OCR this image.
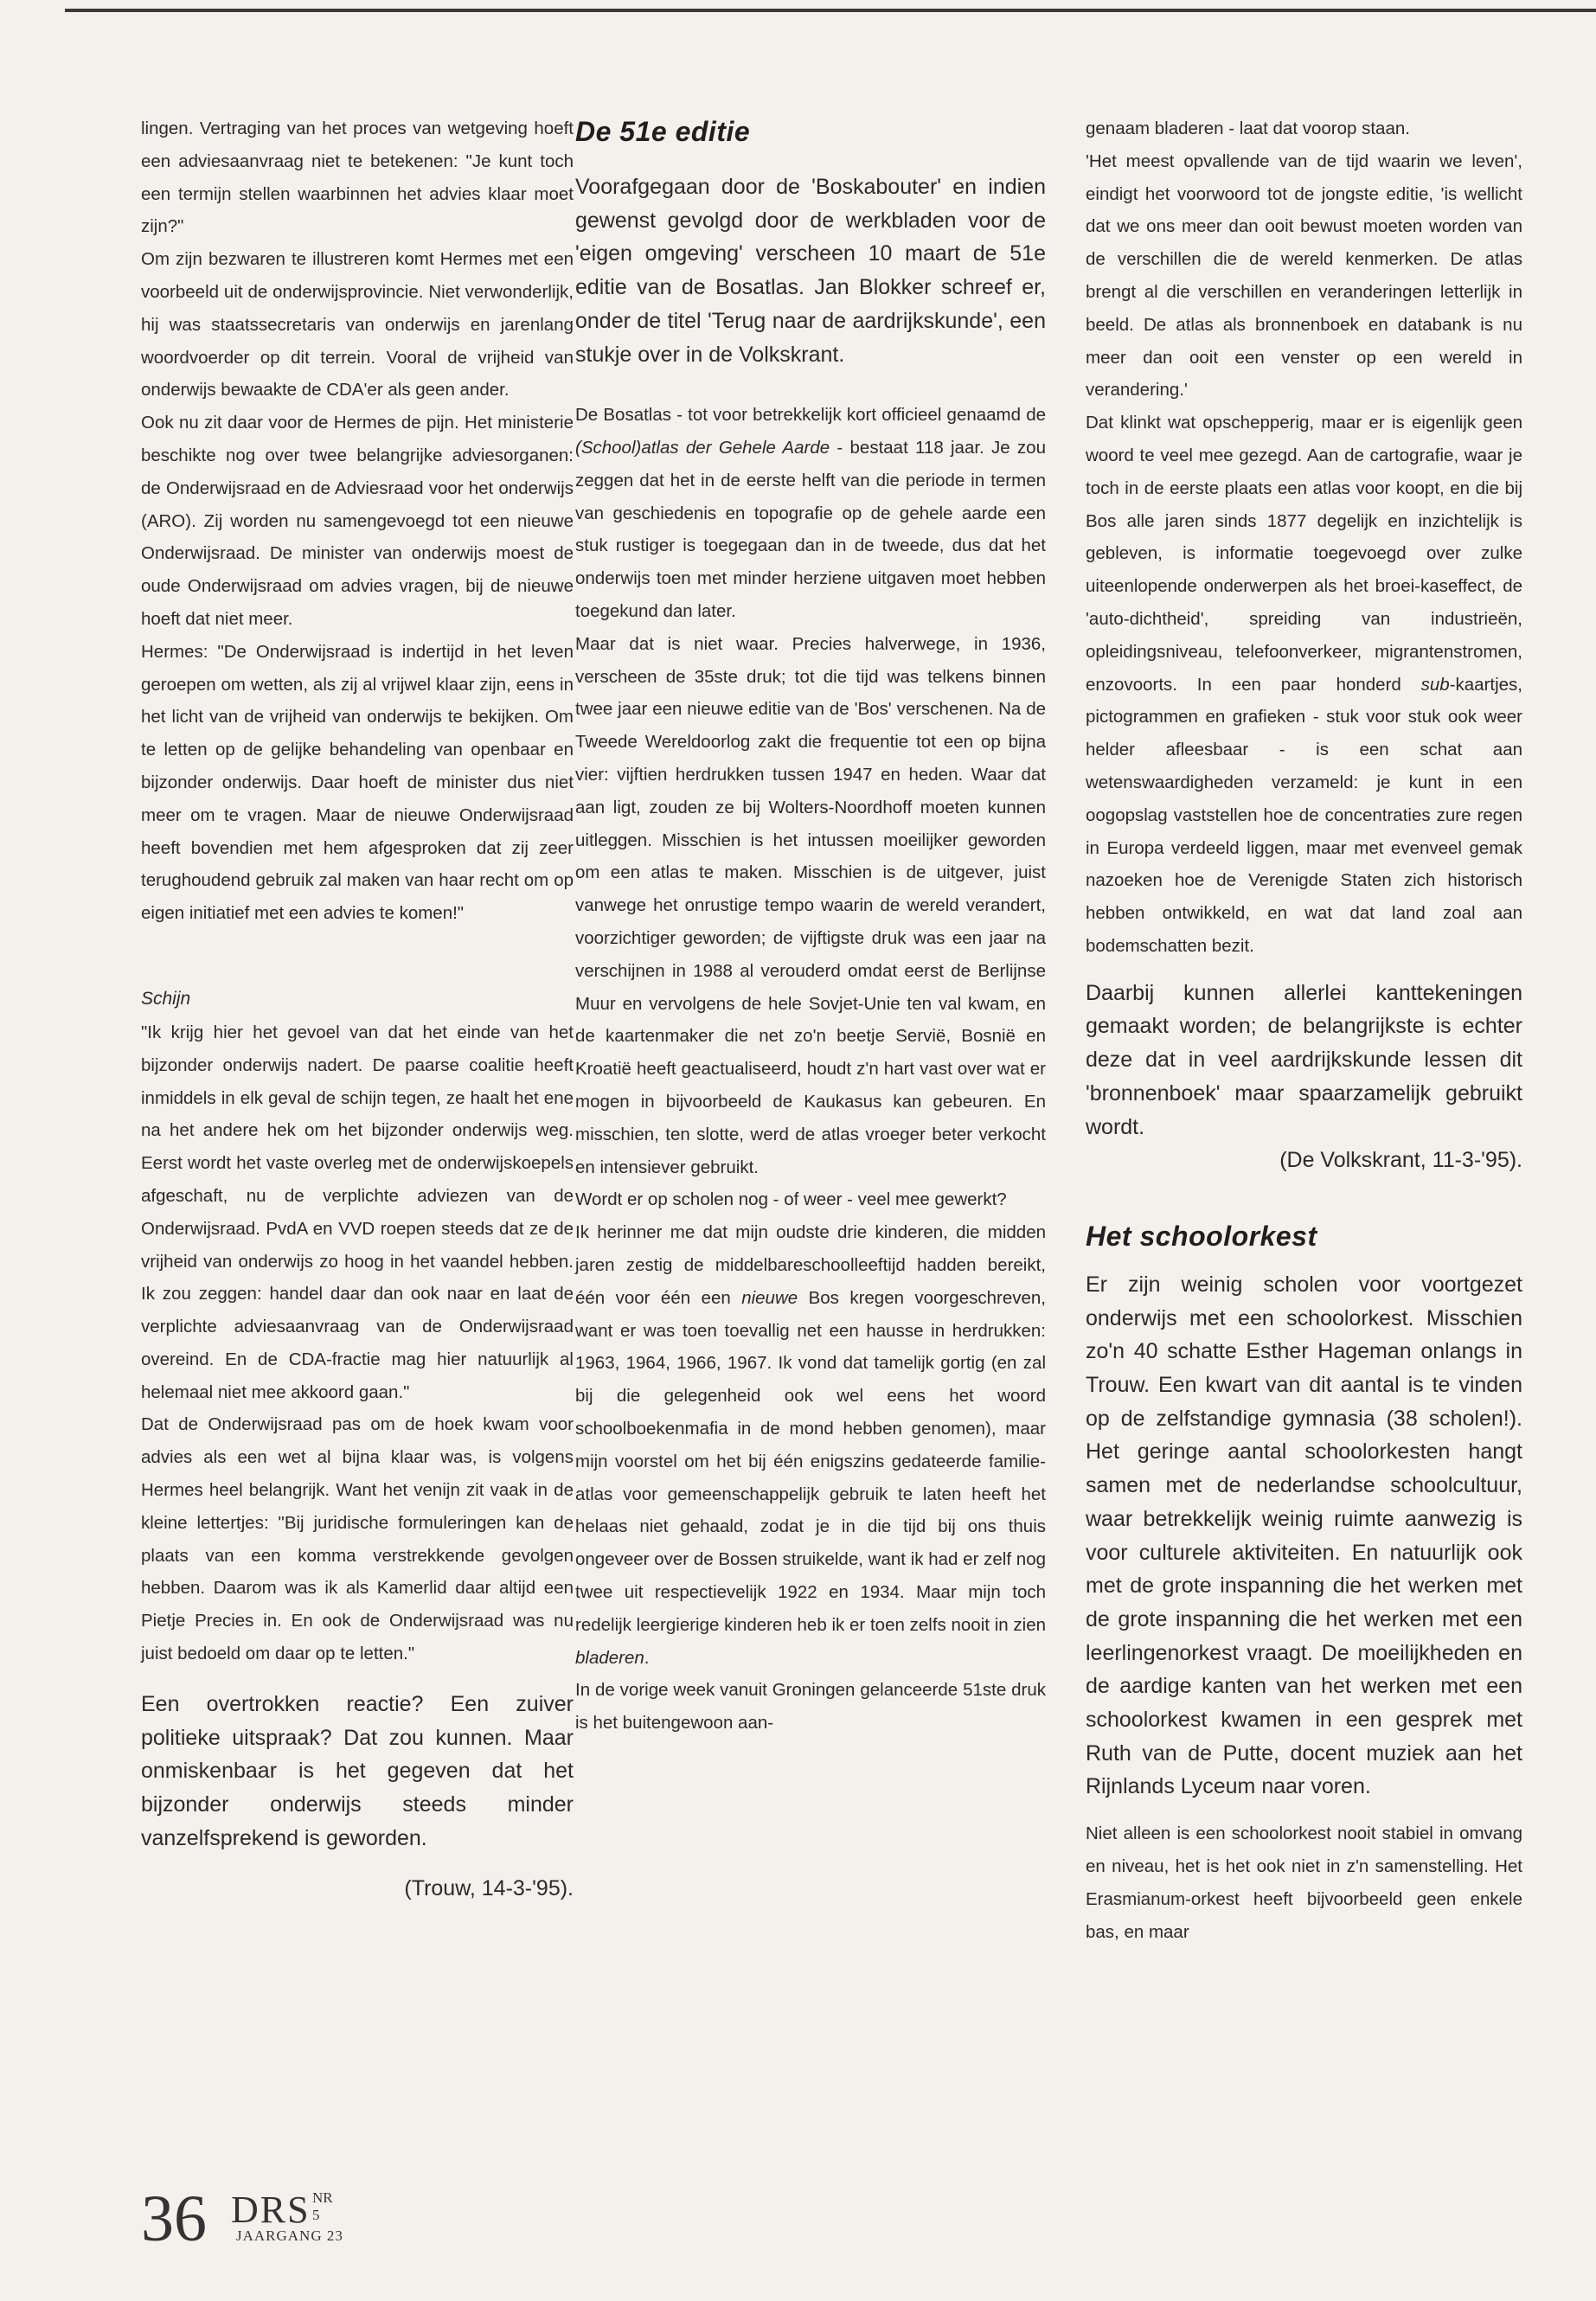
lingen. Vertraging van het proces van wetgeving hoeft een adviesaanvraag niet te betekenen: "Je kunt toch een termijn stellen waarbinnen het advies klaar moet zijn?"

Om zijn bezwaren te illustreren komt Hermes met een voorbeeld uit de onderwijsprovincie. Niet verwonderlijk, hij was staatssecretaris van onderwijs en jarenlang woordvoerder op dit terrein. Vooral de vrijheid van onderwijs bewaakte de CDA'er als geen ander.

Ook nu zit daar voor de Hermes de pijn. Het ministerie beschikte nog over twee belangrijke adviesorganen: de Onderwijsraad en de Adviesraad voor het onderwijs (ARO). Zij worden nu samengevoegd tot een nieuwe Onderwijsraad. De minister van onderwijs moest de oude Onderwijsraad om advies vragen, bij de nieuwe hoeft dat niet meer.

Hermes: "De Onderwijsraad is indertijd in het leven geroepen om wetten, als zij al vrijwel klaar zijn, eens in het licht van de vrijheid van onderwijs te bekijken. Om te letten op de gelijke behandeling van openbaar en bijzonder onderwijs. Daar hoeft de minister dus niet meer om te vragen. Maar de nieuwe Onderwijsraad heeft bovendien met hem afgesproken dat zij zeer terughoudend gebruik zal maken van haar recht om op eigen initiatief met een advies te komen!"

Schijn

"Ik krijg hier het gevoel van dat het einde van het bijzonder onderwijs nadert. De paarse coalitie heeft inmiddels in elk geval de schijn tegen, ze haalt het ene na het andere hek om het bijzonder onderwijs weg. Eerst wordt het vaste overleg met de onderwijskoepels afgeschaft, nu de verplichte adviezen van de Onderwijsraad. PvdA en VVD roepen steeds dat ze de vrijheid van onderwijs zo hoog in het vaandel hebben. Ik zou zeggen: handel daar dan ook naar en laat de verplichte adviesaanvraag van de Onderwijsraad overeind. En de CDA-fractie mag hier natuurlijk al helemaal niet mee akkoord gaan."

Dat de Onderwijsraad pas om de hoek kwam voor advies als een wet al bijna klaar was, is volgens Hermes heel belangrijk. Want het venijn zit vaak in de kleine lettertjes: "Bij juridische formuleringen kan de plaats van een komma verstrekkende gevolgen hebben. Daarom was ik als Kamerlid daar altijd een Pietje Precies in. En ook de Onderwijsraad was nu juist bedoeld om daar op te letten."

Een overtrokken reactie? Een zuiver politieke uitspraak? Dat zou kunnen. Maar onmiskenbaar is het gegeven dat het bijzonder onderwijs steeds minder vanzelfsprekend is geworden.

(Trouw, 14-3-'95).

De 51e editie

Voorafgegaan door de 'Boskabouter' en indien gewenst gevolgd door de werkbladen voor de 'eigen omgeving' verscheen 10 maart de 51e editie van de Bosatlas. Jan Blokker schreef er, onder de titel 'Terug naar de aardrijkskunde', een stukje over in de Volkskrant.

De Bosatlas - tot voor betrekkelijk kort officieel genaamd de (School)atlas der Gehele Aarde - bestaat 118 jaar. Je zou zeggen dat het in de eerste helft van die periode in termen van geschiedenis en topografie op de gehele aarde een stuk rustiger is toegegaan dan in de tweede, dus dat het onderwijs toen met minder herziene uitgaven moet hebben toegekund dan later.

Maar dat is niet waar. Precies halverwege, in 1936, verscheen de 35ste druk; tot die tijd was telkens binnen twee jaar een nieuwe editie van de 'Bos' verschenen. Na de Tweede Wereldoorlog zakt die frequentie tot een op bijna vier: vijftien herdrukken tussen 1947 en heden. Waar dat aan ligt, zouden ze bij Wolters-Noordhoff moeten kunnen uitleggen. Misschien is het intussen moeilijker geworden om een atlas te maken. Misschien is de uitgever, juist vanwege het onrustige tempo waarin de wereld verandert, voorzichtiger geworden; de vijftigste druk was een jaar na verschijnen in 1988 al verouderd omdat eerst de Berlijnse Muur en vervolgens de hele Sovjet-Unie ten val kwam, en de kaartenmaker die net zo'n beetje Servië, Bosnië en Kroatië heeft geactualiseerd, houdt z'n hart vast over wat er mogen in bijvoorbeeld de Kaukasus kan gebeuren. En misschien, ten slotte, werd de atlas vroeger beter verkocht en intensiever gebruikt.

Wordt er op scholen nog - of weer - veel mee gewerkt?

Ik herinner me dat mijn oudste drie kinderen, die midden jaren zestig de middelbareschoolleeftijd hadden bereikt, één voor één een nieuwe Bos kregen voorgeschreven, want er was toen toevallig net een hausse in herdrukken: 1963, 1964, 1966, 1967. Ik vond dat tamelijk gortig (en zal bij die gelegenheid ook wel eens het woord schoolboekenmafia in de mond hebben genomen), maar mijn voorstel om het bij één enigszins gedateerde familie-atlas voor gemeenschappelijk gebruik te laten heeft het helaas niet gehaald, zodat je in die tijd bij ons thuis ongeveer over de Bossen struikelde, want ik had er zelf nog twee uit respectievelijk 1922 en 1934. Maar mijn toch redelijk leergierige kinderen heb ik er toen zelfs nooit in zien bladeren.

In de vorige week vanuit Groningen gelanceerde 51ste druk is het buitengewoon aan-

genaam bladeren - laat dat voorop staan.

'Het meest opvallende van de tijd waarin we leven', eindigt het voorwoord tot de jongste editie, 'is wellicht dat we ons meer dan ooit bewust moeten worden van de verschillen die de wereld kenmerken. De atlas brengt al die verschillen en veranderingen letterlijk in beeld. De atlas als bronnenboek en databank is nu meer dan ooit een venster op een wereld in verandering.'

Dat klinkt wat opschepperig, maar er is eigenlijk geen woord te veel mee gezegd. Aan de cartografie, waar je toch in de eerste plaats een atlas voor koopt, en die bij Bos alle jaren sinds 1877 degelijk en inzichtelijk is gebleven, is informatie toegevoegd over zulke uiteenlopende onderwerpen als het broei-kaseffect, de 'auto-dichtheid', spreiding van industrieën, opleidingsniveau, telefoonverkeer, migrantenstromen, enzovoorts. In een paar honderd sub-kaartjes, pictogrammen en grafieken - stuk voor stuk ook weer helder afleesbaar - is een schat aan wetenswaardigheden verzameld: je kunt in een oogopslag vaststellen hoe de concentraties zure regen in Europa verdeeld liggen, maar met evenveel gemak nazoeken hoe de Verenigde Staten zich historisch hebben ontwikkeld, en wat dat land zoal aan bodemschatten bezit.

Daarbij kunnen allerlei kanttekeningen gemaakt worden; de belangrijkste is echter deze dat in veel aardrijkskunde lessen dit 'bronnenboek' maar spaarzamelijk gebruikt wordt.

(De Volkskrant, 11-3-'95).

Het schoolorkest

Er zijn weinig scholen voor voortgezet onderwijs met een schoolorkest. Misschien zo'n 40 schatte Esther Hageman onlangs in Trouw. Een kwart van dit aantal is te vinden op de zelfstandige gymnasia (38 scholen!). Het geringe aantal schoolorkesten hangt samen met de nederlandse schoolcultuur, waar betrekkelijk weinig ruimte aanwezig is voor culturele aktiviteiten. En natuurlijk ook met de grote inspanning die het werken met de grote inspanning die het werken met een leerlingenorkest vraagt. De moeilijkheden en de aardige kanten van het werken met een schoolorkest kwamen in een gesprek met Ruth van de Putte, docent muziek aan het Rijnlands Lyceum naar voren.

Niet alleen is een schoolorkest nooit stabiel in omvang en niveau, het is het ook niet in z'n samenstelling. Het Erasmianum-orkest heeft bijvoorbeeld geen enkele bas, en maar

36 DRS NR 5
JAARGANG 23
